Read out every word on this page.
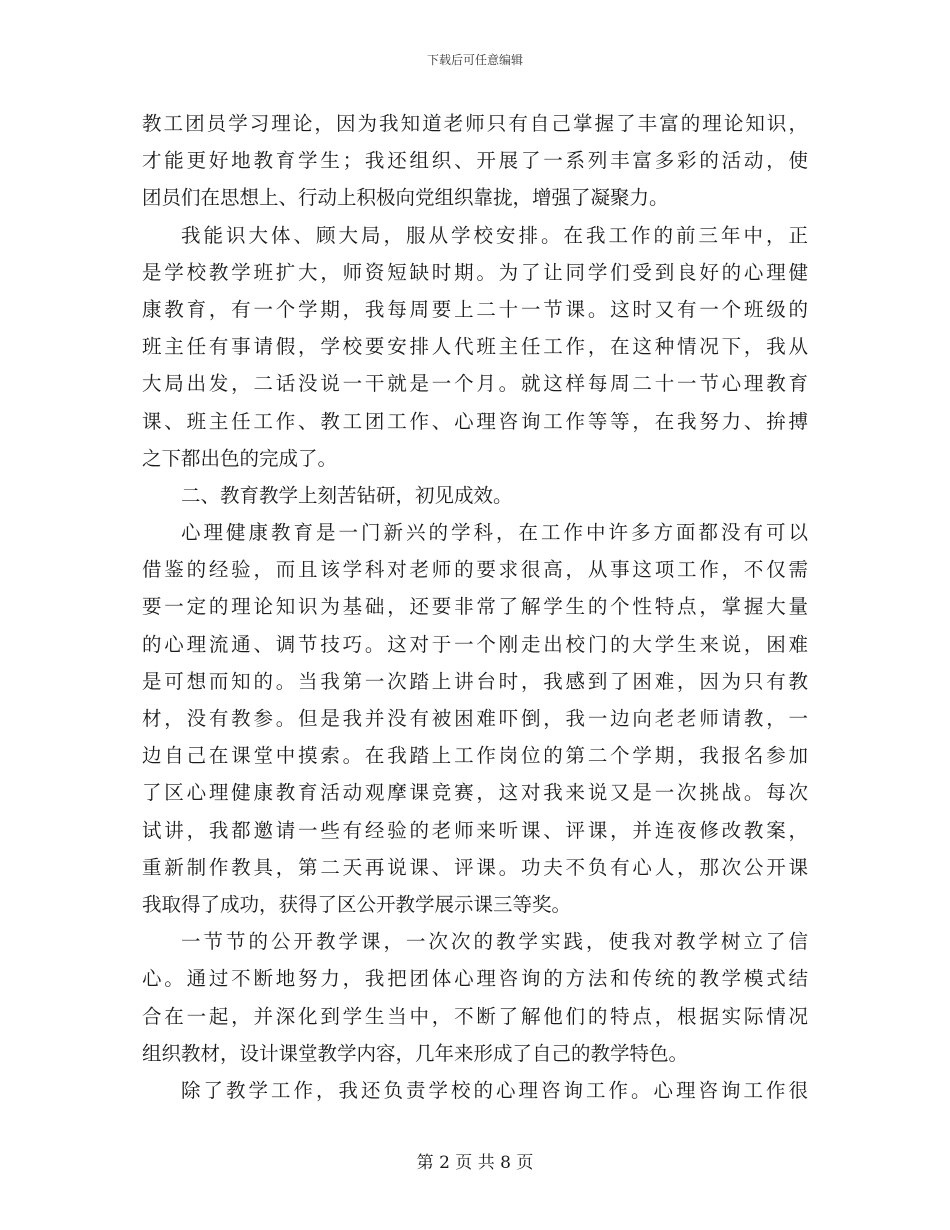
下载后可任意编辑
教工团员学习理论，因为我知道老师只有自己掌握了丰富的理论知识，
才能更好地教育学生；我还组织、开展了一系列丰富多彩的活动，使
团员们在思想上、行动上积极向党组织靠拢，增强了凝聚力。
我能识大体、顾大局，服从学校安排。在我工作的前三年中，正
是学校教学班扩大，师资短缺时期。为了让同学们受到良好的心理健
康教育，有一个学期，我每周要上二十一节课。这时又有一个班级的
班主任有事请假，学校要安排人代班主任工作，在这种情况下，我从
大局出发，二话没说一干就是一个月。就这样每周二十一节心理教育
课、班主任工作、教工团工作、心理咨询工作等等，在我努力、拚搏
之下都出色的完成了。
二、教育教学上刻苦钻研，初见成效。
心理健康教育是一门新兴的学科，在工作中许多方面都没有可以
借鉴的经验，而且该学科对老师的要求很高，从事这项工作，不仅需
要一定的理论知识为基础，还要非常了解学生的个性特点，掌握大量
的心理流通、调节技巧。这对于一个刚走出校门的大学生来说，困难
是可想而知的。当我第一次踏上讲台时，我感到了困难，因为只有教
材，没有教参。但是我并没有被困难吓倒，我一边向老老师请教，一
边自己在课堂中摸索。在我踏上工作岗位的第二个学期，我报名参加
了区心理健康教育活动观摩课竞赛，这对我来说又是一次挑战。每次
试讲，我都邀请一些有经验的老师来听课、评课，并连夜修改教案，
重新制作教具，第二天再说课、评课。功夫不负有心人，那次公开课
我取得了成功，获得了区公开教学展示课三等奖。
一节节的公开教学课，一次次的教学实践，使我对教学树立了信
心。通过不断地努力，我把团体心理咨询的方法和传统的教学模式结
合在一起，并深化到学生当中，不断了解他们的特点，根据实际情况
组织教材，设计课堂教学内容，几年来形成了自己的教学特色。
除了教学工作，我还负责学校的心理咨询工作。心理咨询工作很
第 2 页 共 8 页
